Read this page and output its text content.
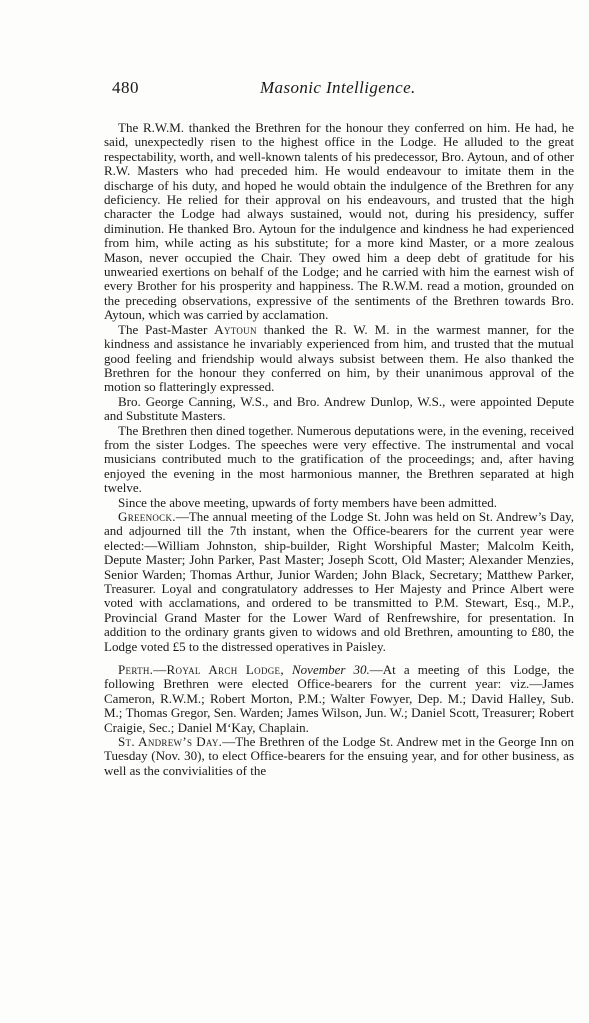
480	Masonic Intelligence.

The R.W.M. thanked the Brethren for the honour they conferred on him. He had, he said, unexpectedly risen to the highest office in the Lodge. He alluded to the great respectability, worth, and well-known talents of his predecessor, Bro. Aytoun, and of other R.W. Masters who had preceded him. He would endeavour to imitate them in the discharge of his duty, and hoped he would obtain the indulgence of the Brethren for any deficiency. He relied for their approval on his endeavours, and trusted that the high character the Lodge had always sustained, would not, during his presidency, suffer diminution. He thanked Bro. Aytoun for the indulgence and kindness he had experienced from him, while acting as his substitute; for a more kind Master, or a more zealous Mason, never occupied the Chair. They owed him a deep debt of gratitude for his unwearied exertions on behalf of the Lodge; and he carried with him the earnest wish of every Brother for his prosperity and happiness. The R.W.M. read a motion, grounded on the preceding observations, expressive of the sentiments of the Brethren towards Bro. Aytoun, which was carried by acclamation.

The Past-Master Aytoun thanked the R. W. M. in the warmest manner, for the kindness and assistance he invariably experienced from him, and trusted that the mutual good feeling and friendship would always subsist between them. He also thanked the Brethren for the honour they conferred on him, by their unanimous approval of the motion so flatteringly expressed.

Bro. George Canning, W.S., and Bro. Andrew Dunlop, W.S., were appointed Depute and Substitute Masters.

The Brethren then dined together. Numerous deputations were, in the evening, received from the sister Lodges. The speeches were very effective. The instrumental and vocal musicians contributed much to the gratification of the proceedings; and, after having enjoyed the evening in the most harmonious manner, the Brethren separated at high twelve.

Since the above meeting, upwards of forty members have been admitted.

Greenock.—The annual meeting of the Lodge St. John was held on St. Andrew’s Day, and adjourned till the 7th instant, when the Office-bearers for the current year were elected:—William Johnston, ship-builder, Right Worshipful Master; Malcolm Keith, Depute Master; John Parker, Past Master; Joseph Scott, Old Master; Alexander Menzies, Senior Warden; Thomas Arthur, Junior Warden; John Black, Secretary; Matthew Parker, Treasurer. Loyal and congratulatory addresses to Her Majesty and Prince Albert were voted with acclamations, and ordered to be transmitted to P.M. Stewart, Esq., M.P., Provincial Grand Master for the Lower Ward of Renfrewshire, for presentation. In addition to the ordinary grants given to widows and old Brethren, amounting to £80, the Lodge voted £5 to the distressed operatives in Paisley.

Perth.—Royal Arch Lodge, November 30.—At a meeting of this Lodge, the following Brethren were elected Office-bearers for the current year: viz.—James Cameron, R.W.M.; Robert Morton, P.M.; Walter Fowyer, Dep. M.; David Halley, Sub. M.; Thomas Gregor, Sen. Warden; James Wilson, Jun. W.; Daniel Scott, Treasurer; Robert Craigie, Sec.; Daniel M‘Kay, Chaplain.

St. Andrew’s Day.—The Brethren of the Lodge St. Andrew met in the George Inn on Tuesday (Nov. 30), to elect Office-bearers for the ensuing year, and for other business, as well as the convivialities of the
